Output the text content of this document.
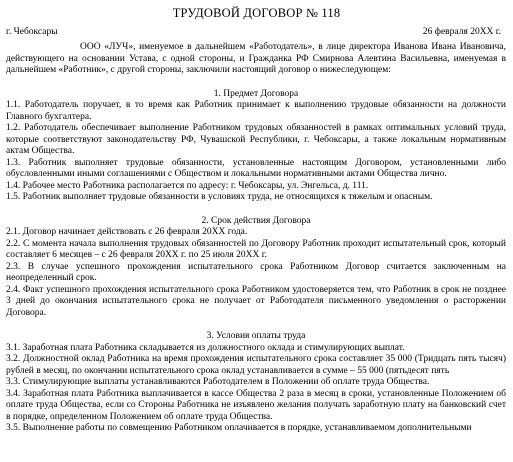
ТРУДОВОЙ ДОГОВОР № 118
г. Чебоксары	26 февраля 20ХХ г.

ООО «ЛУЧ», именуемое в дальнейшем «Работодатель», в лице директора Иванова Ивана Ивановича, действующего на основании Устава, с одной стороны, и Гражданка РФ Смирнова Алевтина Васильевна, именуемая в дальнейшем «Работник», с другой стороны, заключили настоящий договор о нижеследующем:

1. Предмет Договора

1.1. Работодатель поручает, в то время как Работник принимает к выполнению трудовые обязанности на должности Главного бухгалтера.

1.2. Работодатель обеспечивает выполнение Работником трудовых обязанностей в рамках оптимальных условий труда, которые соответствуют законодательству РФ, Чувашской Республики, г. Чебоксары, а также локальным нормативным актам Общества.

1.3. Работник выполняет трудовые обязанности, установленные настоящим Договором, установленными либо обусловленными иными соглашениями с Обществом и локальными нормативными актами Общества лично.

1.4. Рабочее место Работника располагается по адресу: г. Чебоксары, ул. Энгельса, д. 111.

1.5. Работник выполняет трудовые обязанности в условиях труда, не относящихся к тяжелым и опасным.

2. Срок действия Договора

2.1. Договор начинает действовать с 26 февраля 20ХХ года.

2.2. С момента начала выполнения трудовых обязанностей по Договору Работник проходит испытательный срок, который составляет 6 месяцев – с 26 февраля 20ХХ г. по 25 июля 20ХХ г.

2.3. В случае успешного прохождения испытательного срока Работником Договор считается заключенным на неопределенный срок.

2.4. Факт успешного прохождения испытательного срока Работником удостоверяется тем, что Работник в срок не позднее 3 дней до окончания испытательного срока не получает от Работодателя письменного уведомления о расторжении Договора.

3. Условия оплаты труда

3.1. Заработная плата Работника складывается из должностного оклада и стимулирующих выплат.

3.2. Должностной оклад Работника на время прохождения испытательного срока составляет 35 000 (Тридцать пять тысяч) рублей в месяц, по окончании испытательного срока оклад устанавливается в сумме – 55 000 (пятьдесят пять

3.3. Стимулирующие выплаты устанавливаются Работодателем в Положении об оплате труда Общества.

3.4. Заработная плата Работника выплачивается в кассе Общества 2 раза в месяц в сроки, установленные Положением об оплате труда Общества, если со Стороны Работника не изъявлено желания получать заработную плату на банковский счет в порядке, определенном Положением об оплате труда Общества.

3.5. Выполнение работы по совмещению Работником оплачивается в порядке, устанавливаемом дополнительными
